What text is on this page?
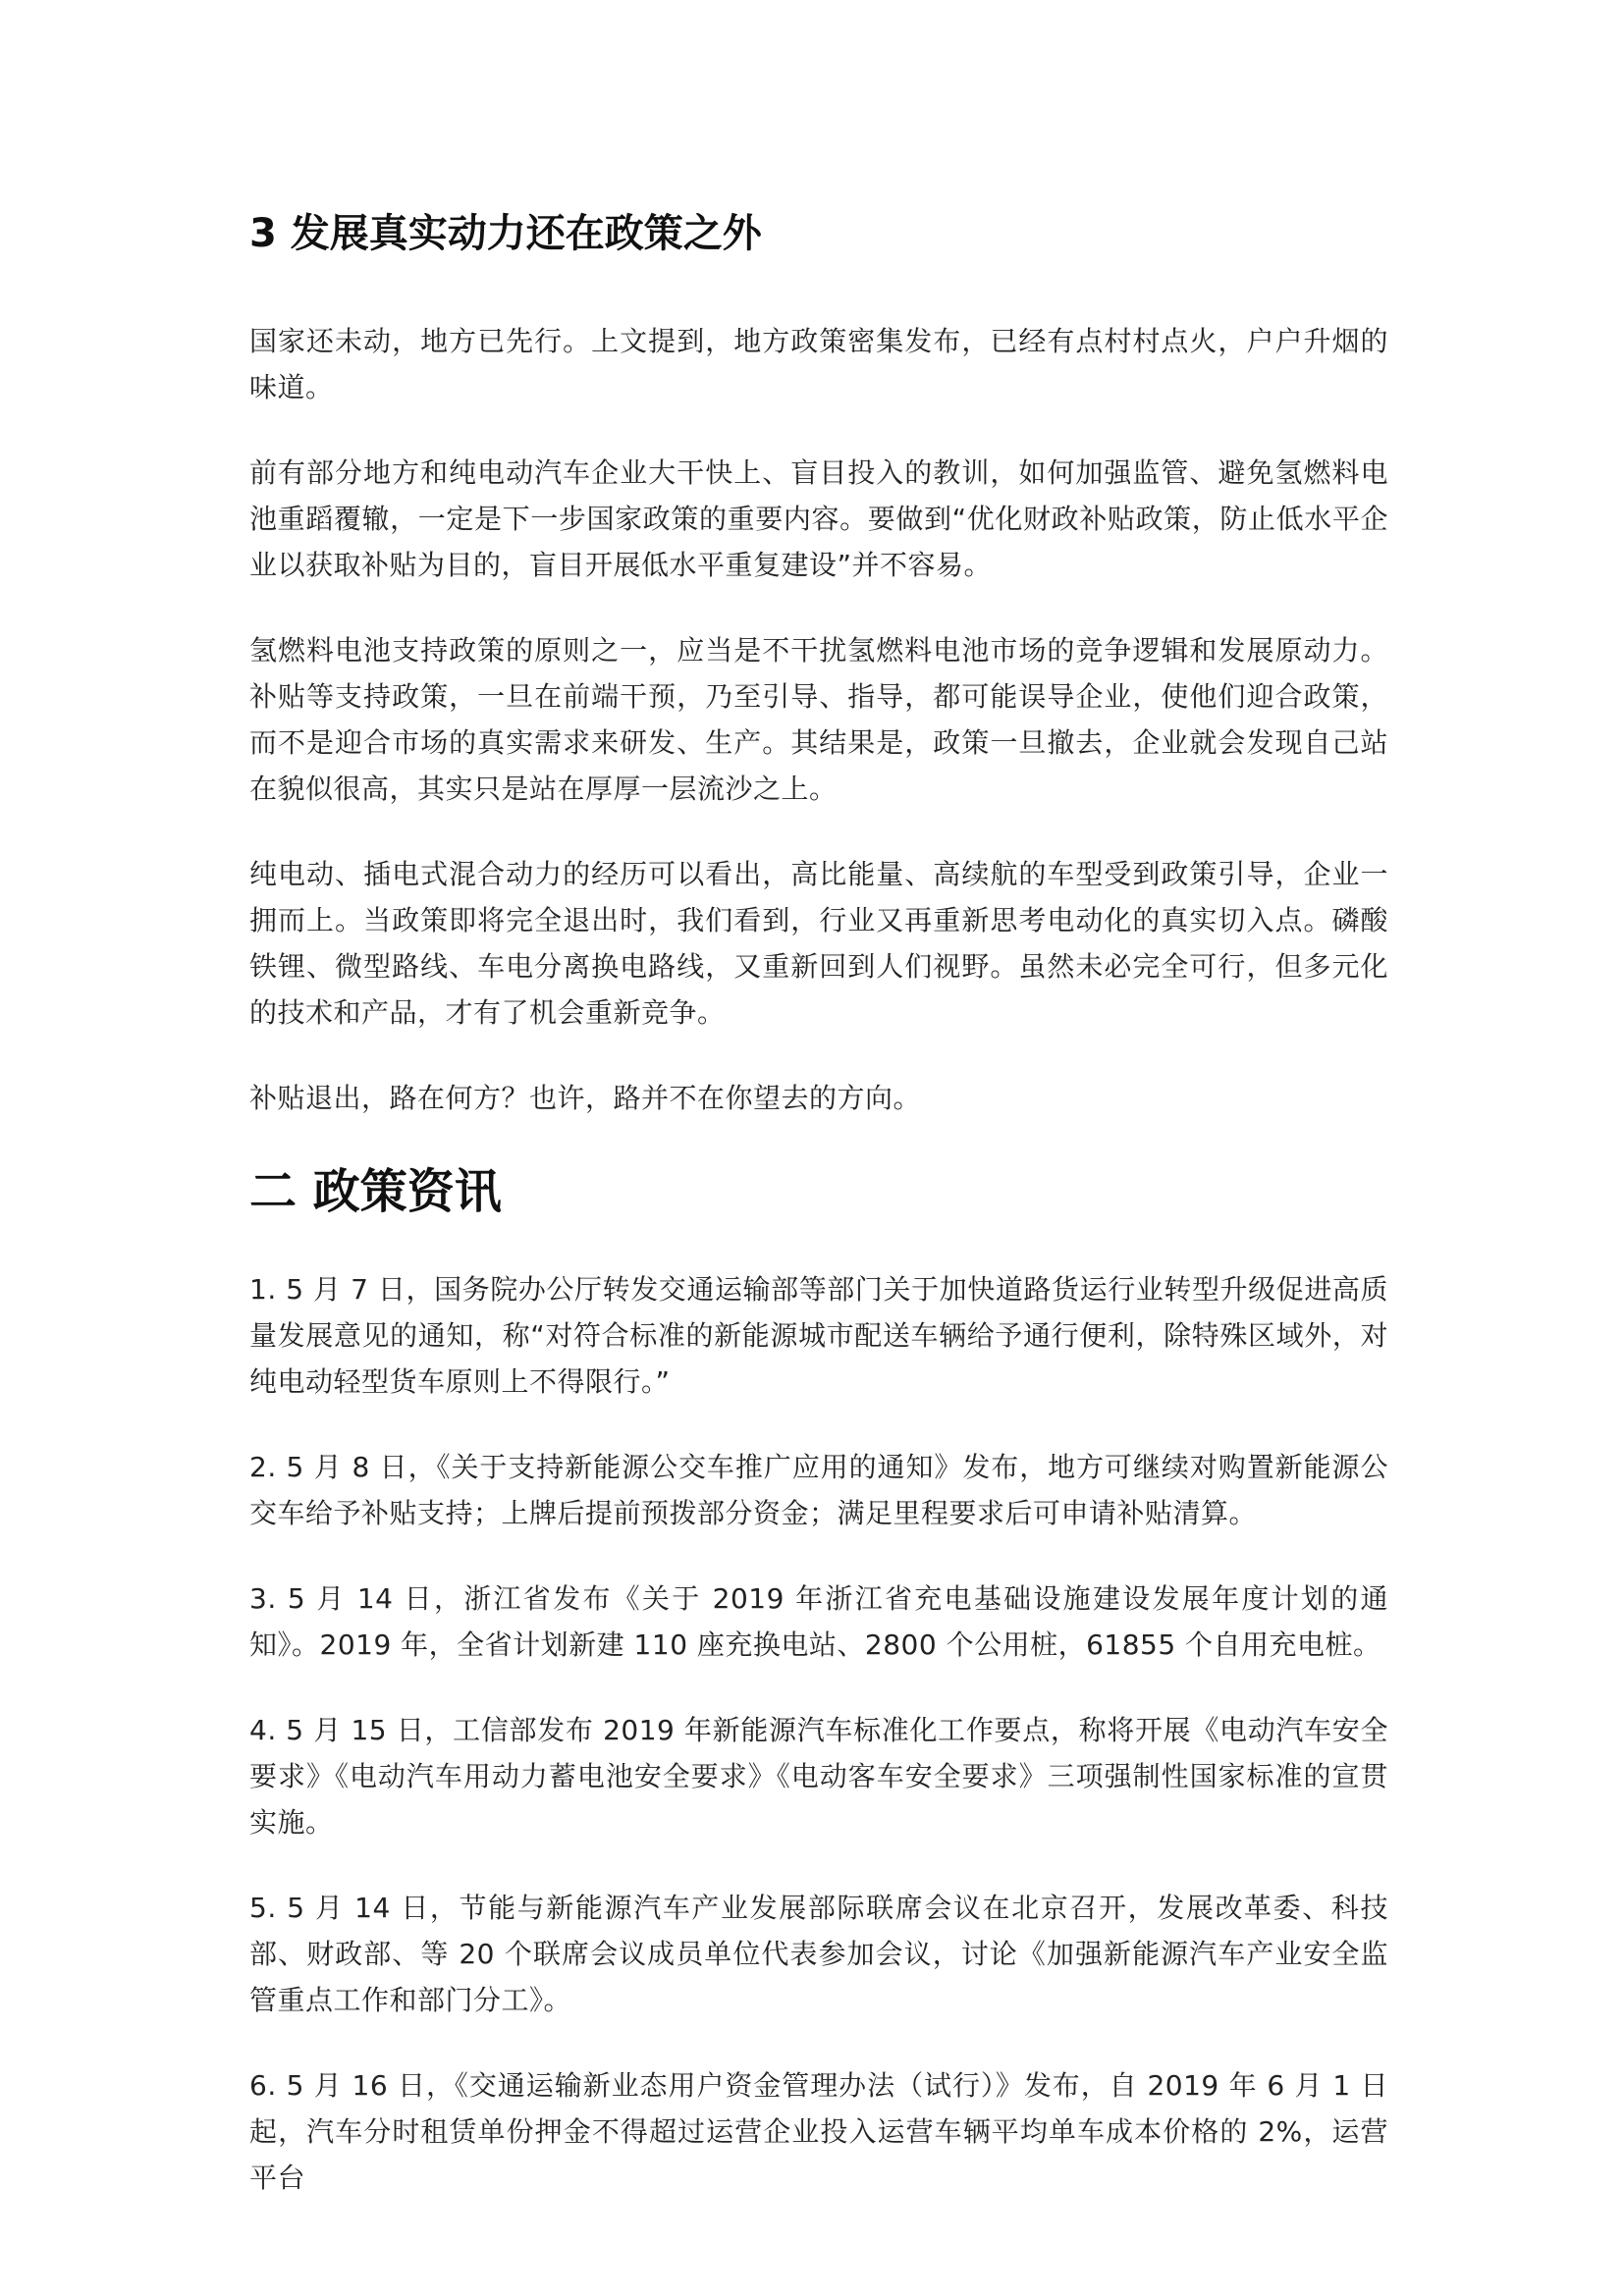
3 发展真实动力还在政策之外

国家还未动，地方已先行。上文提到，地方政策密集发布，已经有点村村点火，户户升烟的味道。

前有部分地方和纯电动汽车企业大干快上、盲目投入的教训，如何加强监管、避免氢燃料电池重蹈覆辙，一定是下一步国家政策的重要内容。要做到“优化财政补贴政策，防止低水平企业以获取补贴为目的，盲目开展低水平重复建设”并不容易。

氢燃料电池支持政策的原则之一，应当是不干扰氢燃料电池市场的竞争逻辑和发展原动力。补贴等支持政策，一旦在前端干预，乃至引导、指导，都可能误导企业，使他们迎合政策，而不是迎合市场的真实需求来研发、生产。其结果是，政策一旦撤去，企业就会发现自己站在貌似很高，其实只是站在厚厚一层流沙之上。

纯电动、插电式混合动力的经历可以看出，高比能量、高续航的车型受到政策引导，企业一拥而上。当政策即将完全退出时，我们看到，行业又再重新思考电动化的真实切入点。磷酸铁锂、微型路线、车电分离换电路线，又重新回到人们视野。虽然未必完全可行，但多元化的技术和产品，才有了机会重新竞争。

补贴退出，路在何方？也许，路并不在你望去的方向。

二 政策资讯

1. 5 月 7 日，国务院办公厅转发交通运输部等部门关于加快道路货运行业转型升级促进高质量发展意见的通知，称“对符合标准的新能源城市配送车辆给予通行便利，除特殊区域外，对纯电动轻型货车原则上不得限行。”

2. 5 月 8 日，《关于支持新能源公交车推广应用的通知》发布，地方可继续对购置新能源公交车给予补贴支持；上牌后提前预拨部分资金；满足里程要求后可申请补贴清算。

3. 5 月 14 日，浙江省发布《关于 2019 年浙江省充电基础设施建设发展年度计划的通知》。2019 年，全省计划新建 110 座充换电站、2800 个公用桩，61855 个自用充电桩。

4. 5 月 15 日，工信部发布 2019 年新能源汽车标准化工作要点，称将开展《电动汽车安全要求》《电动汽车用动力蓄电池安全要求》《电动客车安全要求》三项强制性国家标准的宣贯实施。

5. 5 月 14 日，节能与新能源汽车产业发展部际联席会议在北京召开，发展改革委、科技部、财政部、等 20 个联席会议成员单位代表参加会议，讨论《加强新能源汽车产业安全监管重点工作和部门分工》。

6. 5 月 16 日，《交通运输新业态用户资金管理办法（试行）》发布，自 2019 年 6 月 1 日起，汽车分时租赁单份押金不得超过运营企业投入运营车辆平均单车成本价格的 2%，运营平台
